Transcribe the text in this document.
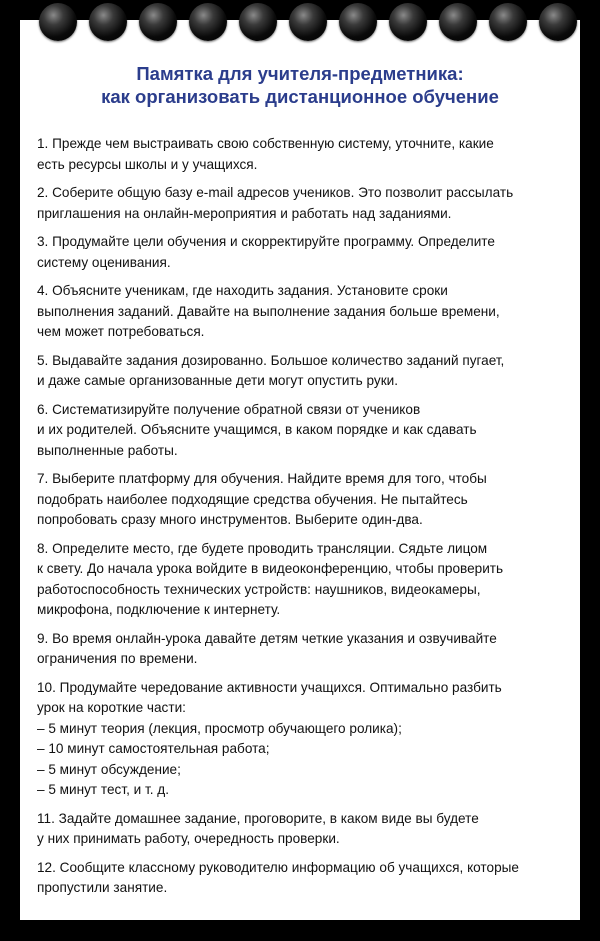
Памятка для учителя-предметника:
как организовать дистанционное обучение
1. Прежде чем выстраивать свою собственную систему, уточните, какие
есть ресурсы школы и у учащихся.
2. Соберите общую базу e-mail адресов учеников. Это позволит рассылать
приглашения на онлайн-мероприятия и работать над заданиями.
3. Продумайте цели обучения и скорректируйте программу. Определите
систему оценивания.
4. Объясните ученикам, где находить задания. Установите сроки
выполнения заданий. Давайте на выполнение задания больше времени,
чем может потребоваться.
5. Выдавайте задания дозированно. Большое количество заданий пугает,
и даже самые организованные дети могут опустить руки.
6. Систематизируйте получение обратной связи от учеников
и их родителей. Объясните учащимся, в каком порядке и как сдавать
выполненные работы.
7. Выберите платформу для обучения. Найдите время для того, чтобы
подобрать наиболее подходящие средства обучения. Не пытайтесь
попробовать сразу много инструментов. Выберите один-два.
8. Определите место, где будете проводить трансляции. Сядьте лицом
к свету. До начала урока войдите в видеоконференцию, чтобы проверить
работоспособность технических устройств: наушников, видеокамеры,
микрофона, подключение к интернету.
9. Во время онлайн-урока давайте детям четкие указания и озвучивайте
ограничения по времени.
10. Продумайте чередование активности учащихся. Оптимально разбить
урок на короткие части:
– 5 минут теория (лекция, просмотр обучающего ролика);
– 10 минут самостоятельная работа;
– 5 минут обсуждение;
– 5 минут тест, и т. д.
11. Задайте домашнее задание, проговорите, в каком виде вы будете
у них принимать работу, очередность проверки.
12. Сообщите классному руководителю информацию об учащихся, которые
пропустили занятие.
